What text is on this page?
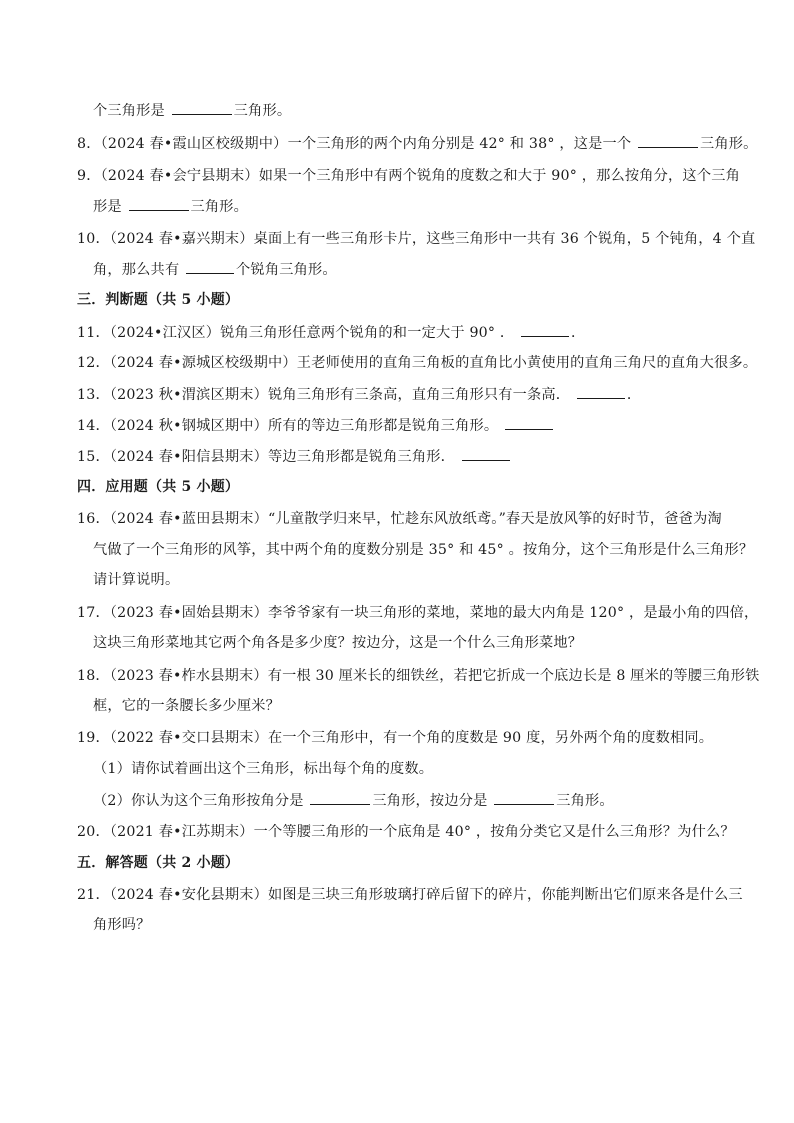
个三角形是	三角形。
8．（2024 春•霞山区校级期中）一个三角形的两个内角分别是 42° 和 38° ，这是一个	三角形。
9．（2024 春•会宁县期末）如果一个三角形中有两个锐角的度数之和大于 90° ，那么按角分，这个三角
形是	三角形。
10．（2024 春•嘉兴期末）桌面上有一些三角形卡片，这些三角形中一共有 36 个锐角，5 个钝角，4 个直
角，那么共有	个锐角三角形。
三．判断题（共 5 小题）
11．（2024•江汉区）锐角三角形任意两个锐角的和一定大于 90° ．	．
12．（2024 春•源城区校级期中）王老师使用的直角三角板的直角比小黄使用的直角三角尺的直角大很多。
13．（2023 秋•渭滨区期末）锐角三角形有三条高，直角三角形只有一条高．	．
14．（2024 秋•钢城区期中）所有的等边三角形都是锐角三角形。
15．（2024 春•阳信县期末）等边三角形都是锐角三角形．
四．应用题（共 5 小题）
16．（2024 春•蓝田县期末）“儿童散学归来早，忙趁东风放纸鸢。”春天是放风筝的好时节，爸爸为淘
气做了一个三角形的风筝，其中两个角的度数分别是 35° 和 45° 。按角分，这个三角形是什么三角形？
请计算说明。
17．（2023 春•固始县期末）李爷爷家有一块三角形的菜地，菜地的最大内角是 120° ，是最小角的四倍，
这块三角形菜地其它两个角各是多少度？按边分，这是一个什么三角形菜地？
18．（2023 春•柞水县期末）有一根 30 厘米长的细铁丝，若把它折成一个底边长是 8 厘米的等腰三角形铁
框，它的一条腰长多少厘米？
19．（2022 春•交口县期末）在一个三角形中，有一个角的度数是 90 度，另外两个角的度数相同。
（1）请你试着画出这个三角形，标出每个角的度数。
（2）你认为这个三角形按角分是	三角形，按边分是	三角形。
20．（2021 春•江苏期末）一个等腰三角形的一个底角是 40° ，按角分类它又是什么三角形？为什么？
五．解答题（共 2 小题）
21．（2024 春•安化县期末）如图是三块三角形玻璃打碎后留下的碎片，你能判断出它们原来各是什么三
角形吗？
